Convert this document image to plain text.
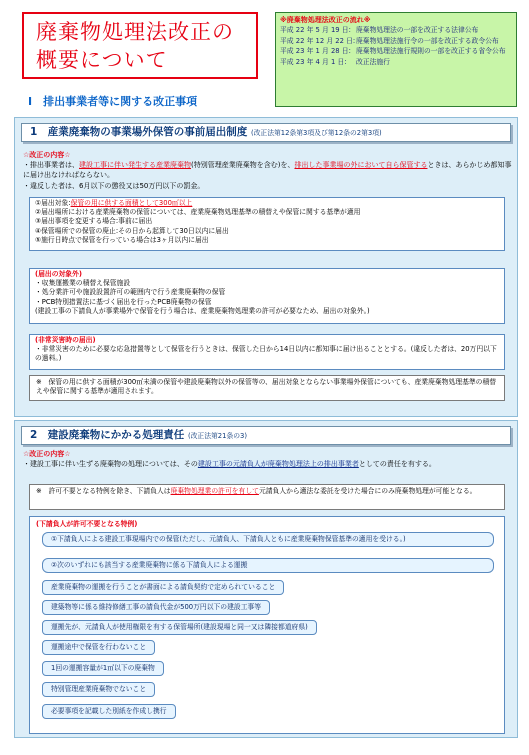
廃棄物処理法改正の
概要について
※廃棄物処理法改正の流れ※
平成 22 年 5 月 19 日: 廃棄物処理法の一部を改正する法律公布
平成 22 年 12 月 22 日: 廃棄物処理法施行令の一部を改正する政令公布
平成 23 年 1 月 28 日: 廃棄物処理法施行規則の一部を改正する省令公布
平成 23 年 4 月 1 日:	改正法施行
Ⅰ　排出事業者等に関する改正事項
1　産業廃棄物の事業場外保管の事前届出制度 (改正法第12条第3項及び第12条の2第3項)
☆改正の内容☆
・排出事業者は、建設工事に伴い発生する産業廃棄物(特別管理産業廃棄物を含む)を、排出した事業場の外において自ら保管するときは、あらかじめ都知事に届け出なければならない。
・違反した者は、6月以下の懲役又は50万円以下の罰金。
①届出対象:保管の用に供する面積として300㎡以上
②届出場所における産業廃棄物の保管については、産業廃棄物処理基準の積替えや保管に関する基準が適用
③届出事項を変更する場合:事前に届出
④保管場所での保管の廃止:その日から起算して30日以内に届出
⑤施行日時点で保管を行っている場合は3ヶ月以内に届出
(届出の対象外)
・収集運搬業の積替え保管施設
・処分業許可や施設設置許可の範囲内で行う産業廃棄物の保管
・PCB特別措置法に基づく届出を行ったPCB廃棄物の保管
(建設工事の下請負人が事業場外で保管を行う場合は、産業廃棄物処理業の許可が必要なため、届出の対象外。)
(非常災害時の届出)
・非常災害のために必要な応急措置等として保管を行うときは、保管した日から14日以内に都知事に届け出ることとする。(違反した者は、20万円以下の過料。)
※　保管の用に供する面積が300㎡未満の保管や建設廃棄物以外の保管等の、届出対象とならない事業場外保管についても、産業廃棄物処理基準の積替えや保管に関する基準が適用されます。
2　建設廃棄物にかかる処理責任 (改正法第21条の3)
☆改正の内容☆
・建設工事に伴い生ずる廃棄物の処理については、その建設工事の元請負人が廃棄物処理法上の排出事業者としての責任を有する。
※　許可不要となる特例を除き、下請負人は廃棄物処理業の許可を有して元請負人から適法な委託を受けた場合にのみ廃棄物処理が可能となる。
(下請負人が許可不要となる特例)
①下請負人による建設工事現場内での保管(ただし、元請負人、下請負人ともに産業廃棄物保管基準の適用を受ける。)
②次のいずれにも該当する産業廃棄物に係る下請負人による運搬
産業廃棄物の運搬を行うことが書面による請負契約で定められていること
建築物等に係る維持修繕工事の請負代金が500万円以下の建設工事等
運搬先が、元請負人が使用権限を有する保管場所(建設現場と同一又は隣接都道府県)
運搬途中で保管を行わないこと
1回の運搬容量が1㎥以下の廃棄物
特別管理産業廃棄物でないこと
必要事項を記載した別紙を作成し携行
